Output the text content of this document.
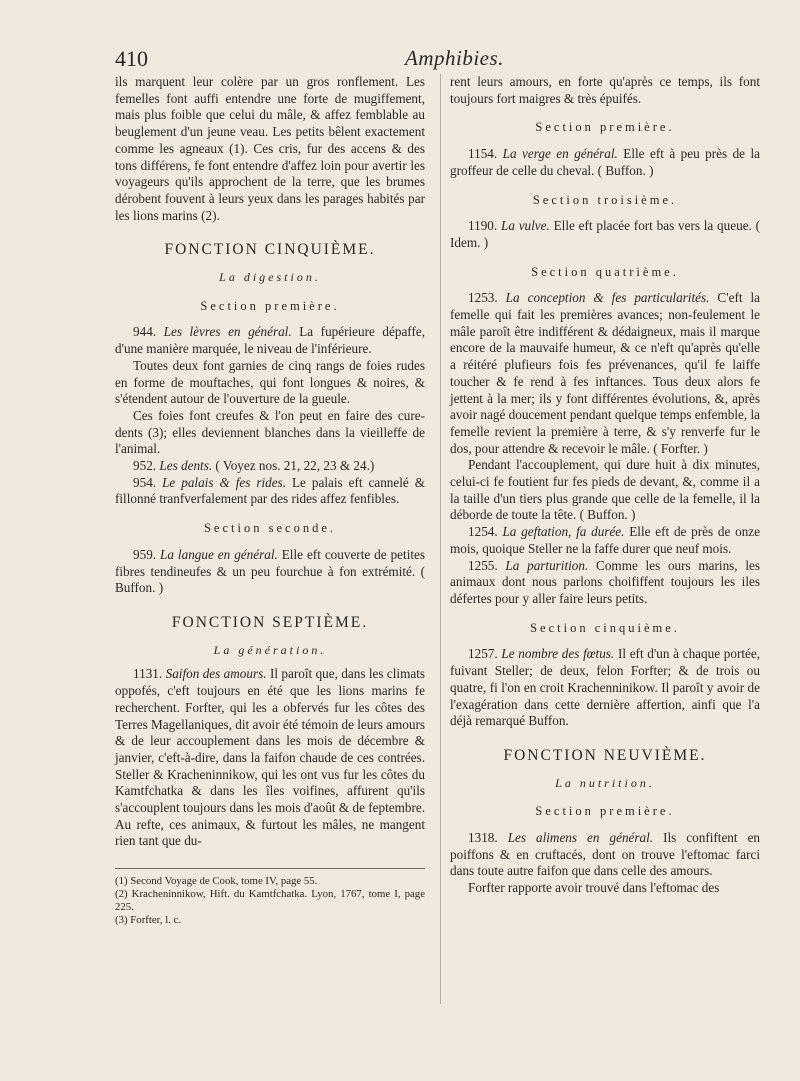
410	Amphibies.

ils marquent leur colère par un gros ronflement. Les femelles font auffi entendre une forte de mugiffement, mais plus foible que celui du mâle, & affez femblable au beuglement d'un jeune veau. Les petits bêlent exactement comme les agneaux (1). Ces cris, fur des accens & des tons différens, fe font entendre d'affez loin pour avertir les voyageurs qu'ils approchent de la terre, que les brumes dérobent fouvent à leurs yeux dans les parages habités par les lions marins (2).

FONCTION CINQUIÈME.
La digestion.
Section première.

944. Les lèvres en général. La fupérieure dépaffe, d'une manière marquée, le niveau de l'inférieure.

Toutes deux font garnies de cinq rangs de foies rudes en forme de mouftaches, qui font longues & noires, & s'étendent autour de l'ouverture de la gueule.

Ces foies font creufes & l'on peut en faire des cure-dents (3); elles deviennent blanches dans la vieilleffe de l'animal.

952. Les dents. ( Voyez nos. 21, 22, 23 & 24.)

954. Le palais & fes rides. Le palais eft cannelé & fillonné tranfverfalement par des rides affez fenfibles.

Section seconde.

959. La langue en général. Elle eft couverte de petites fibres tendineufes & un peu fourchue à fon extrémité. ( Buffon. )

FONCTION SEPTIÈME.
La génération.

1131. Saifon des amours. Il paroît que, dans les climats oppofés, c'eft toujours en été que les lions marins fe recherchent. Forfter, qui les a obfervés fur les côtes des Terres Magellaniques, dit avoir été témoin de leurs amours & de leur accouplement dans les mois de décembre & janvier, c'eft-à-dire, dans la faifon chaude de ces contrées. Steller & Kracheninnikow, qui les ont vus fur les côtes du Kamtfchatka & dans les îles voifines, affurent qu'ils s'accouplent toujours dans les mois d'août & de feptembre. Au refte, ces animaux, & furtout les mâles, ne mangent rien tant que du-

(1) Second Voyage de Cook, tome IV, page 55.
(2) Kracheninnikow, Hift. du Kamtfchatka. Lyon, 1767, tome I, page 225.
(3) Forfter, l. c.

rent leurs amours, en forte qu'après ce temps, ils font toujours fort maigres & très épuifés.

Section première.

1154. La verge en général. Elle eft à peu près de la groffeur de celle du cheval. ( Buffon. )

Section troisième.

1190. La vulve. Elle eft placée fort bas vers la queue. ( Idem. )

Section quatrième.

1253. La conception & fes particularités. C'eft la femelle qui fait les premières avances; non-feulement le mâle paroît être indifférent & dédaigneux, mais il marque encore de la mauvaife humeur, & ce n'eft qu'après qu'elle a réitéré plufieurs fois fes prévenances, qu'il fe laiffe toucher & fe rend à fes inftances. Tous deux alors fe jettent à la mer; ils y font différentes évolutions, &, après avoir nagé doucement pendant quelque temps enfemble, la femelle revient la première à terre, & s'y renverfe fur le dos, pour attendre & recevoir le mâle. ( Forfter. )

Pendant l'accouplement, qui dure huit à dix minutes, celui-ci fe foutient fur fes pieds de devant, &, comme il a la taille d'un tiers plus grande que celle de la femelle, il la déborde de toute la tête. ( Buffon. )

1254. La geftation, fa durée. Elle eft de près de onze mois, quoique Steller ne la faffe durer que neuf mois.

1255. La parturition. Comme les ours marins, les animaux dont nous parlons choififfent toujours les iles défertes pour y aller faire leurs petits.

Section cinquième.

1257. Le nombre des fœtus. Il eft d'un à chaque portée, fuivant Steller; de deux, felon Forfter; & de trois ou quatre, fi l'on en croit Krachenninikow. Il paroît y avoir de l'exagération dans cette dernière affertion, ainfi que l'a déjà remarqué Buffon.

FONCTION NEUVIÈME.
La nutrition.
Section première.

1318. Les alimens en général. Ils confiftent en poiffons & en cruftacés, dont on trouve l'eftomac farci dans toute autre faifon que dans celle des amours.

Forfter rapporte avoir trouvé dans l'eftomac des
